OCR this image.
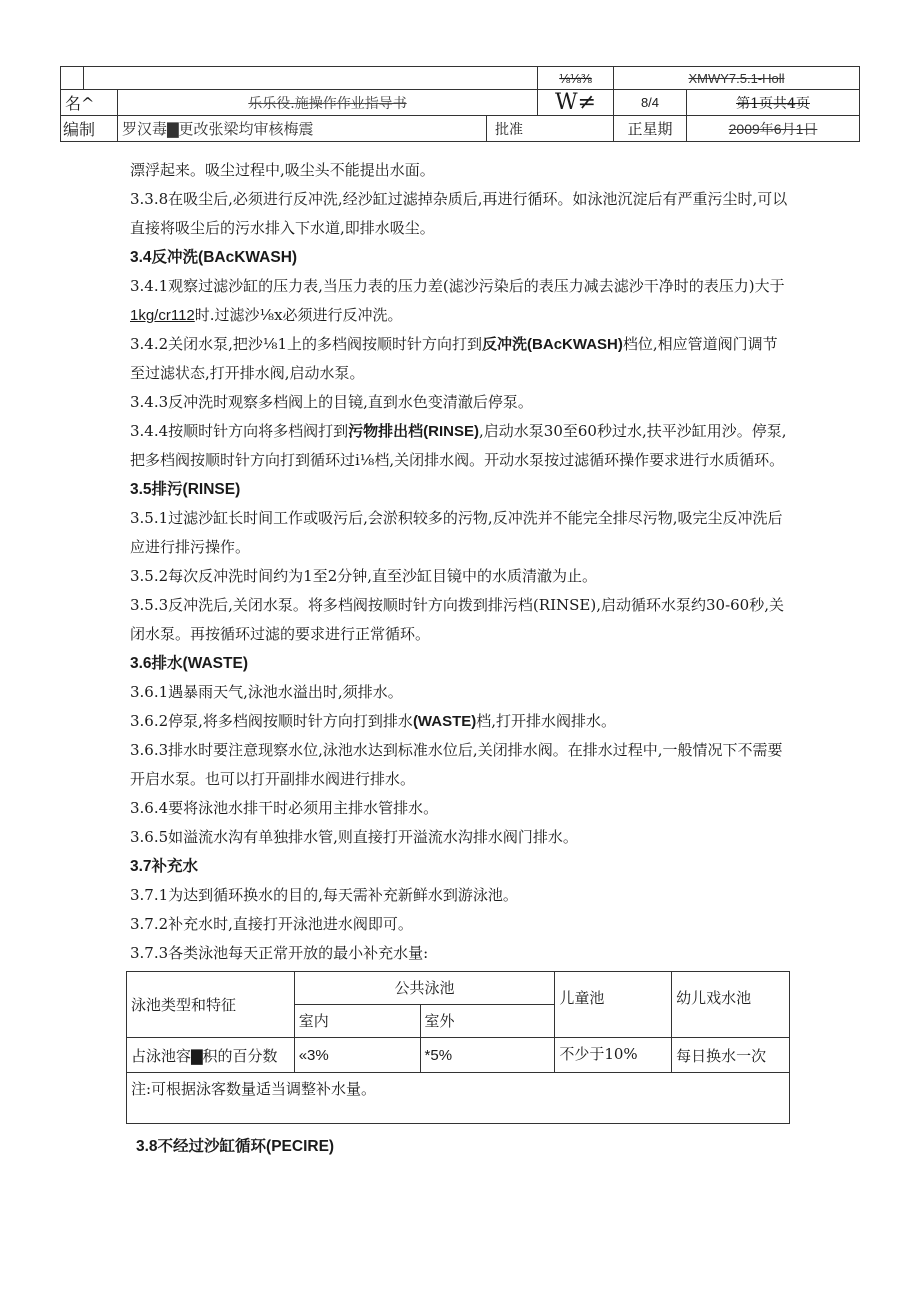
⅛⅛⅜	XMWY7.5.1-Holl
名^	乐乐役.施操作作业指导书	W≠	8/4	第1页共4页
编制	罗汉毒▇更改张梁均审核梅震	批准	正星期	2009年6月1日

漂浮起来。吸尘过程中,吸尘头不能提出水面。

3.3.8在吸尘后,必须进行反冲洗,经沙缸过滤掉杂质后,再进行循环。如泳池沉淀后有严重污尘时,可以直接将吸尘后的污水排入下水道,即排水吸尘。

3.4反冲洗(BAcKWASH)

3.4.1观察过滤沙缸的压力表,当压力表的压力差(滤沙污染后的表压力减去滤沙干净时的表压力)大于1kg/cr112时.过滤沙⅛x必须进行反冲洗。

3.4.2关闭水泵,把沙⅛1上的多档阀按顺时针方向打到反冲洗(BAcKWASH)档位,相应管道阀门调节至过滤状态,打开排水阀,启动水泵。

3.4.3反冲洗时观察多档阀上的目镜,直到水色变清澈后停泵。

3.4.4按顺时针方向将多档阀打到污物排出档(RINSE),启动水泵30至60秒过水,扶平沙缸用沙。停泵,把多档阀按顺时针方向打到循环过i⅛档,关闭排水阀。开动水泵按过滤循环操作要求进行水质循环。

3.5排污(RINSE)

3.5.1过滤沙缸长时间工作或吸污后,会淤积较多的污物,反冲洗并不能完全排尽污物,吸完尘反冲洗后应进行排污操作。

3.5.2每次反冲洗时间约为1至2分钟,直至沙缸目镜中的水质清澈为止。

3.5.3反冲洗后,关闭水泵。将多档阀按顺时针方向拨到排污档(RINSE),启动循环水泵约30-60秒,关闭水泵。再按循环过滤的要求进行正常循环。

3.6排水(WASTE)

3.6.1遇暴雨天气,泳池水溢出时,须排水。

3.6.2停泵,将多档阀按顺时针方向打到排水(WASTE)档,打开排水阀排水。

3.6.3排水时要注意现察水位,泳池水达到标准水位后,关闭排水阀。在排水过程中,一般情况下不需要开启水泵。也可以打开副排水阀进行排水。

3.6.4要将泳池水排干时必须用主排水管排水。

3.6.5如溢流水沟有单独排水管,则直接打开溢流水沟排水阀门排水。

3.7补充水

3.7.1为达到循环换水的目的,每天需补充新鲜水到游泳池。

3.7.2补充水时,直接打开泳池进水阀即可。

3.7.3各类泳池每天正常开放的最小补充水量:

泳池类型和特征	公共泳池		儿童池	幼儿戏水池
	室内	室外		
占泳池容▇积的百分数	«3%	*5%	不少于10%	每日换水一次
注:可根据泳客数量适当调整补水量。				
3.8不经过沙缸循环(PECIRE)
